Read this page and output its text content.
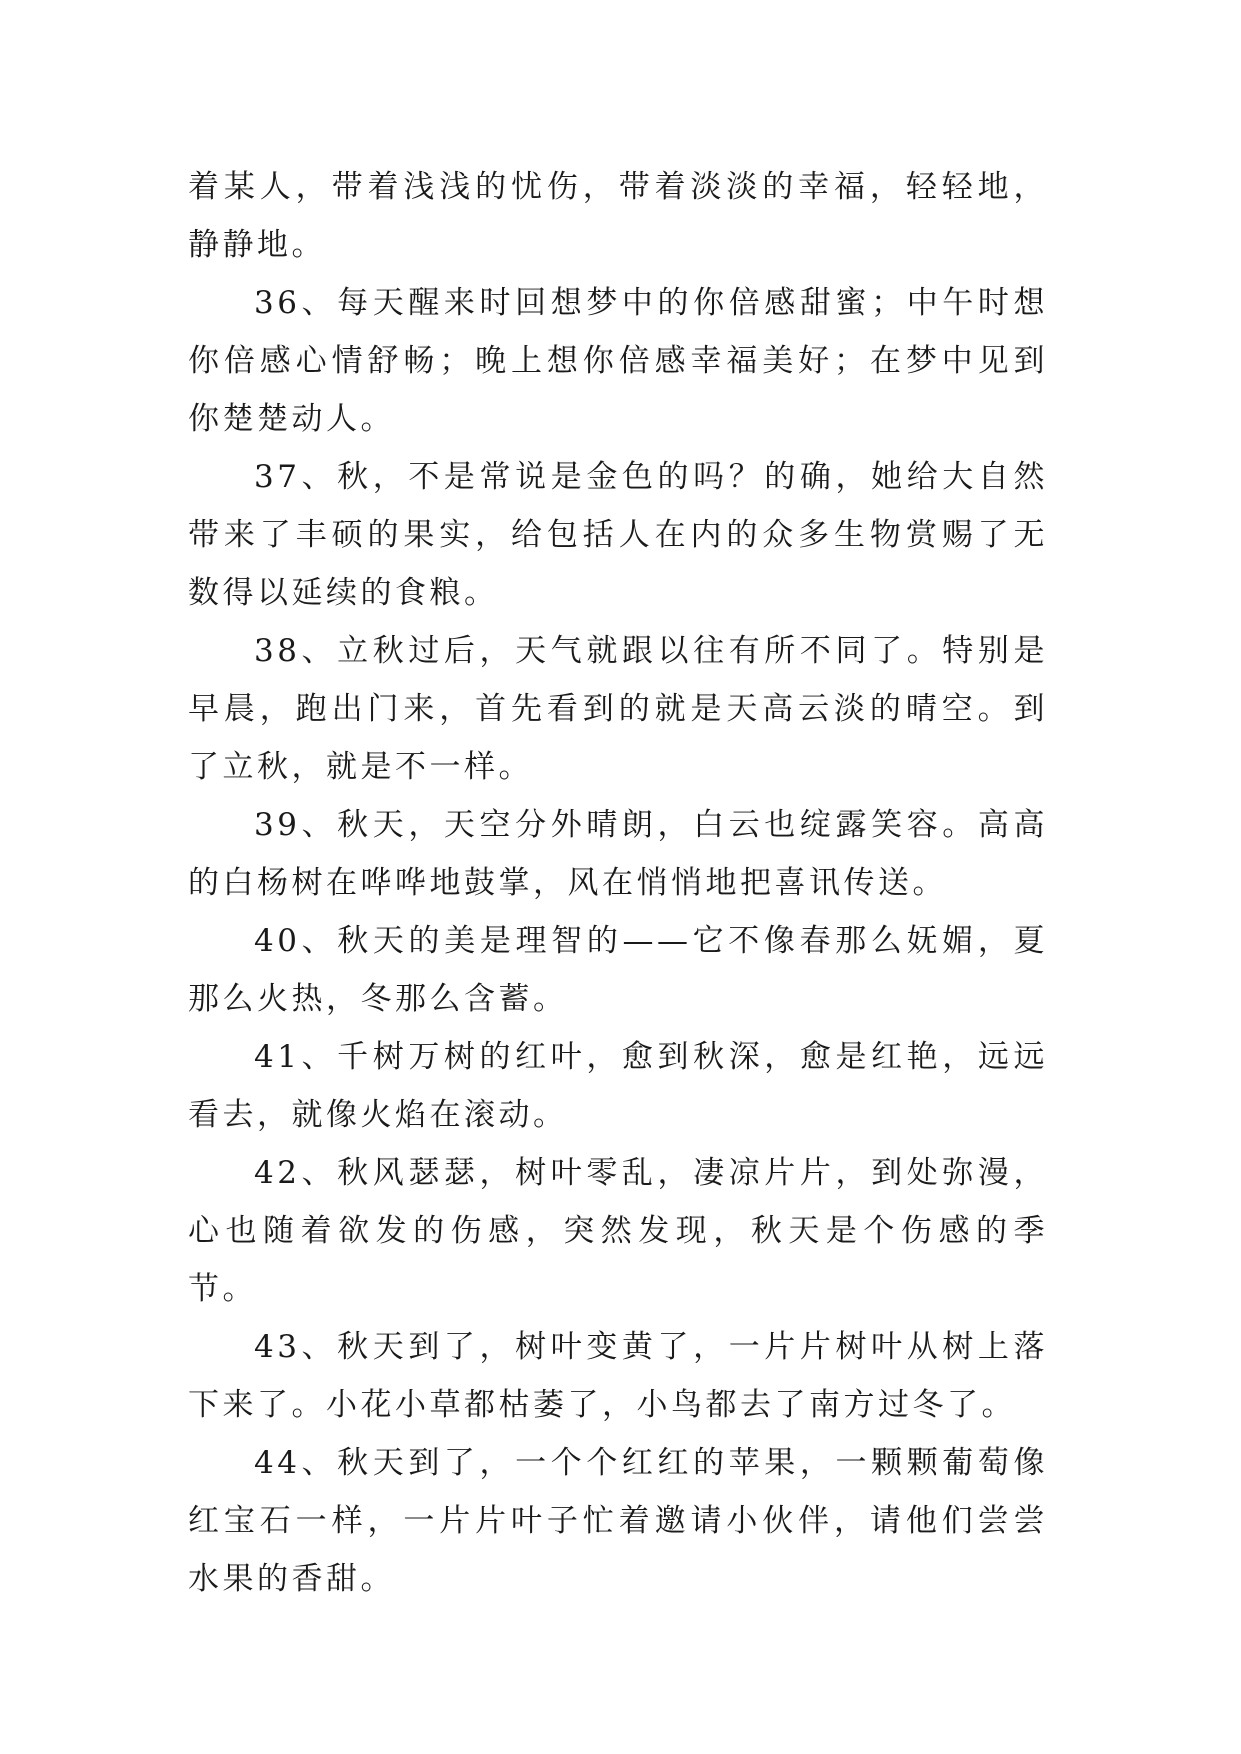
着某人，带着浅浅的忧伤，带着淡淡的幸福，轻轻地，静静地。

36、每天醒来时回想梦中的你倍感甜蜜；中午时想你倍感心情舒畅；晚上想你倍感幸福美好；在梦中见到你楚楚动人。

37、秋，不是常说是金色的吗？的确，她给大自然带来了丰硕的果实，给包括人在内的众多生物赏赐了无数得以延续的食粮。

38、立秋过后，天气就跟以往有所不同了。特别是早晨，跑出门来，首先看到的就是天高云淡的晴空。到了立秋，就是不一样。

39、秋天，天空分外晴朗，白云也绽露笑容。高高的白杨树在哗哗地鼓掌，风在悄悄地把喜讯传送。

40、秋天的美是理智的——它不像春那么妩媚，夏那么火热，冬那么含蓄。

41、千树万树的红叶，愈到秋深，愈是红艳，远远看去，就像火焰在滚动。

42、秋风瑟瑟，树叶零乱，凄凉片片，到处弥漫，心也随着欲发的伤感，突然发现，秋天是个伤感的季节。

43、秋天到了，树叶变黄了，一片片树叶从树上落下来了。小花小草都枯萎了，小鸟都去了南方过冬了。

44、秋天到了，一个个红红的苹果，一颗颗葡萄像红宝石一样，一片片叶子忙着邀请小伙伴，请他们尝尝水果的香甜。
